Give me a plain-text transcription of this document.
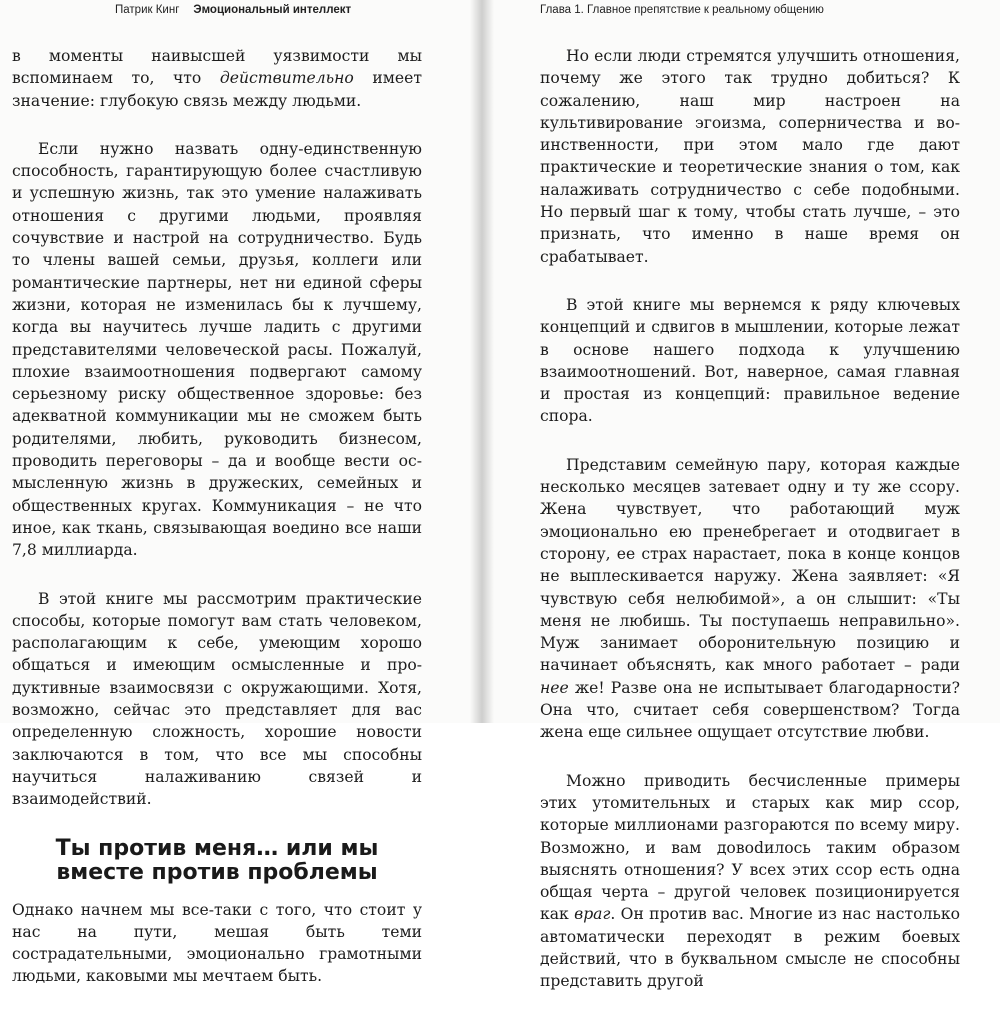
Патрик Кинг Эмоциональный интеллект

в моменты наивысшей уязвимости мы вспоминаем то, что действительно имеет значение: глубокую связь между людьми.

Если нужно назвать одну-единственную способность, гарантирующую более счастливую и успешную жизнь, так это умение налаживать отношения с другими людьми, проявляя сочувствие и настрой на сотрудничество. Будь то члены вашей семьи, друзья, коллеги или романтические партнеры, нет ни единой сферы жизни, которая не изменилась бы к лучшему, когда вы научитесь лучше ладить с другими представителями человеческой расы. Пожалуй, плохие взаимоотношения подвергают самому серьезному риску общественное здоровье: без адекватной коммуникации мы не сможем быть родителями, любить, руководить бизнесом, проводить переговоры – да и вообще вести осмысленную жизнь в дружеских, семейных и общественных кругах. Коммуникация – не что иное, как ткань, связывающая воедино все наши 7,8 миллиарда.

В этой книге мы рассмотрим практические способы, которые помогут вам стать человеком, располагающим к себе, умеющим хорошо общаться и имеющим осмысленные и продуктивные взаимосвязи с окружающими. Хотя, возможно, сейчас это представляет для вас определенную сложность, хорошие новости заключаются в том, что все мы способны научиться налаживанию связей и взаимодействий.

Ты против меня… или мы вместе против проблемы

Однако начнем мы все-таки с того, что стоит у нас на пути, мешая быть теми сострадательными, эмоционально грамотными людьми, каковыми мы мечтаем быть.

Глава 1. Главное препятствие к реальному общению

Но если люди стремятся улучшить отношения, почему же этого так трудно добиться? К сожалению, наш мир настроен на культивирование эгоизма, соперничества и воинственности, при этом мало где дают практические и теоретические знания о том, как налаживать сотрудничество с себе подобными. Но первый шаг к тому, чтобы стать лучше, – это признать, что именно в наше время он срабатывает.

В этой книге мы вернемся к ряду ключевых концепций и сдвигов в мышлении, которые лежат в основе нашего подхода к улучшению взаимоотношений. Вот, наверное, самая главная и простая из концепций: правильное ведение спора.

Представим семейную пару, которая каждые несколько месяцев затевает одну и ту же ссору. Жена чувствует, что работающий муж эмоционально ею пренебрегает и отодвигает в сторону, ее страх нарастает, пока в конце концов не выплескивается наружу. Жена заявляет: «Я чувствую себя нелюбимой», а он слышит: «Ты меня не любишь. Ты поступаешь неправильно». Муж занимает оборонительную позицию и начинает объяснять, как много работает – ради нее же! Разве она не испытывает благодарности? Она что, считает себя совершенством? Тогда жена еще сильнее ощущает отсутствие любви.

Можно приводить бесчисленные примеры этих утомительных и старых как мир ссор, которые миллионами разгораются по всему миру. Возможно, и вам довоdилось таким образом выяснять отношения? У всех этих ссор есть одна общая черта – другой человек позиционируется как враг. Он против вас. Многие из нас настолько автоматически переходят в режим боевых действий, что в буквальном смысле не способны представить другой
